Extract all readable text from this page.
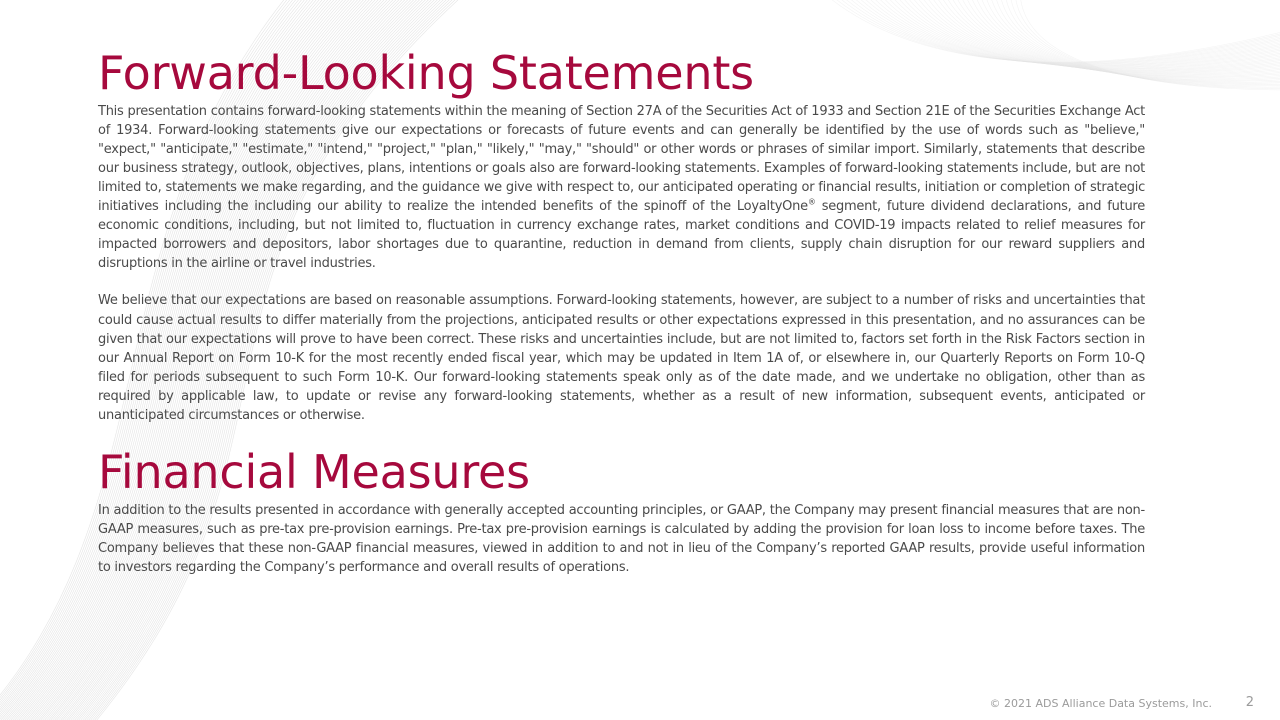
Forward-Looking Statements

This presentation contains forward-looking statements within the meaning of Section 27A of the Securities Act of 1933 and Section 21E of the Securities Exchange Act of 1934. Forward-looking statements give our expectations or forecasts of future events and can generally be identified by the use of words such as "believe," "expect," "anticipate," "estimate," "intend," "project," "plan," "likely," "may," "should" or other words or phrases of similar import. Similarly, statements that describe our business strategy, outlook, objectives, plans, intentions or goals also are forward-looking statements. Examples of forward-looking statements include, but are not limited to, statements we make regarding, and the guidance we give with respect to, our anticipated operating or financial results, initiation or completion of strategic initiatives including the including our ability to realize the intended benefits of the spinoff of the LoyaltyOne® segment, future dividend declarations, and future economic conditions, including, but not limited to, fluctuation in currency exchange rates, market conditions and COVID-19 impacts related to relief measures for impacted borrowers and depositors, labor shortages due to quarantine, reduction in demand from clients, supply chain disruption for our reward suppliers and disruptions in the airline or travel industries.

We believe that our expectations are based on reasonable assumptions. Forward-looking statements, however, are subject to a number of risks and uncertainties that could cause actual results to differ materially from the projections, anticipated results or other expectations expressed in this presentation, and no assurances can be given that our expectations will prove to have been correct. These risks and uncertainties include, but are not limited to, factors set forth in the Risk Factors section in our Annual Report on Form 10-K for the most recently ended fiscal year, which may be updated in Item 1A of, or elsewhere in, our Quarterly Reports on Form 10-Q filed for periods subsequent to such Form 10-K. Our forward-looking statements speak only as of the date made, and we undertake no obligation, other than as required by applicable law, to update or revise any forward-looking statements, whether as a result of new information, subsequent events, anticipated or unanticipated circumstances or otherwise.

Financial Measures

In addition to the results presented in accordance with generally accepted accounting principles, or GAAP, the Company may present financial measures that are non-GAAP measures, such as pre-tax pre-provision earnings. Pre-tax pre-provision earnings is calculated by adding the provision for loan loss to income before taxes. The Company believes that these non-GAAP financial measures, viewed in addition to and not in lieu of the Company’s reported GAAP results, provide useful information to investors regarding the Company’s performance and overall results of operations.

© 2021 ADS Alliance Data Systems, Inc.	2
